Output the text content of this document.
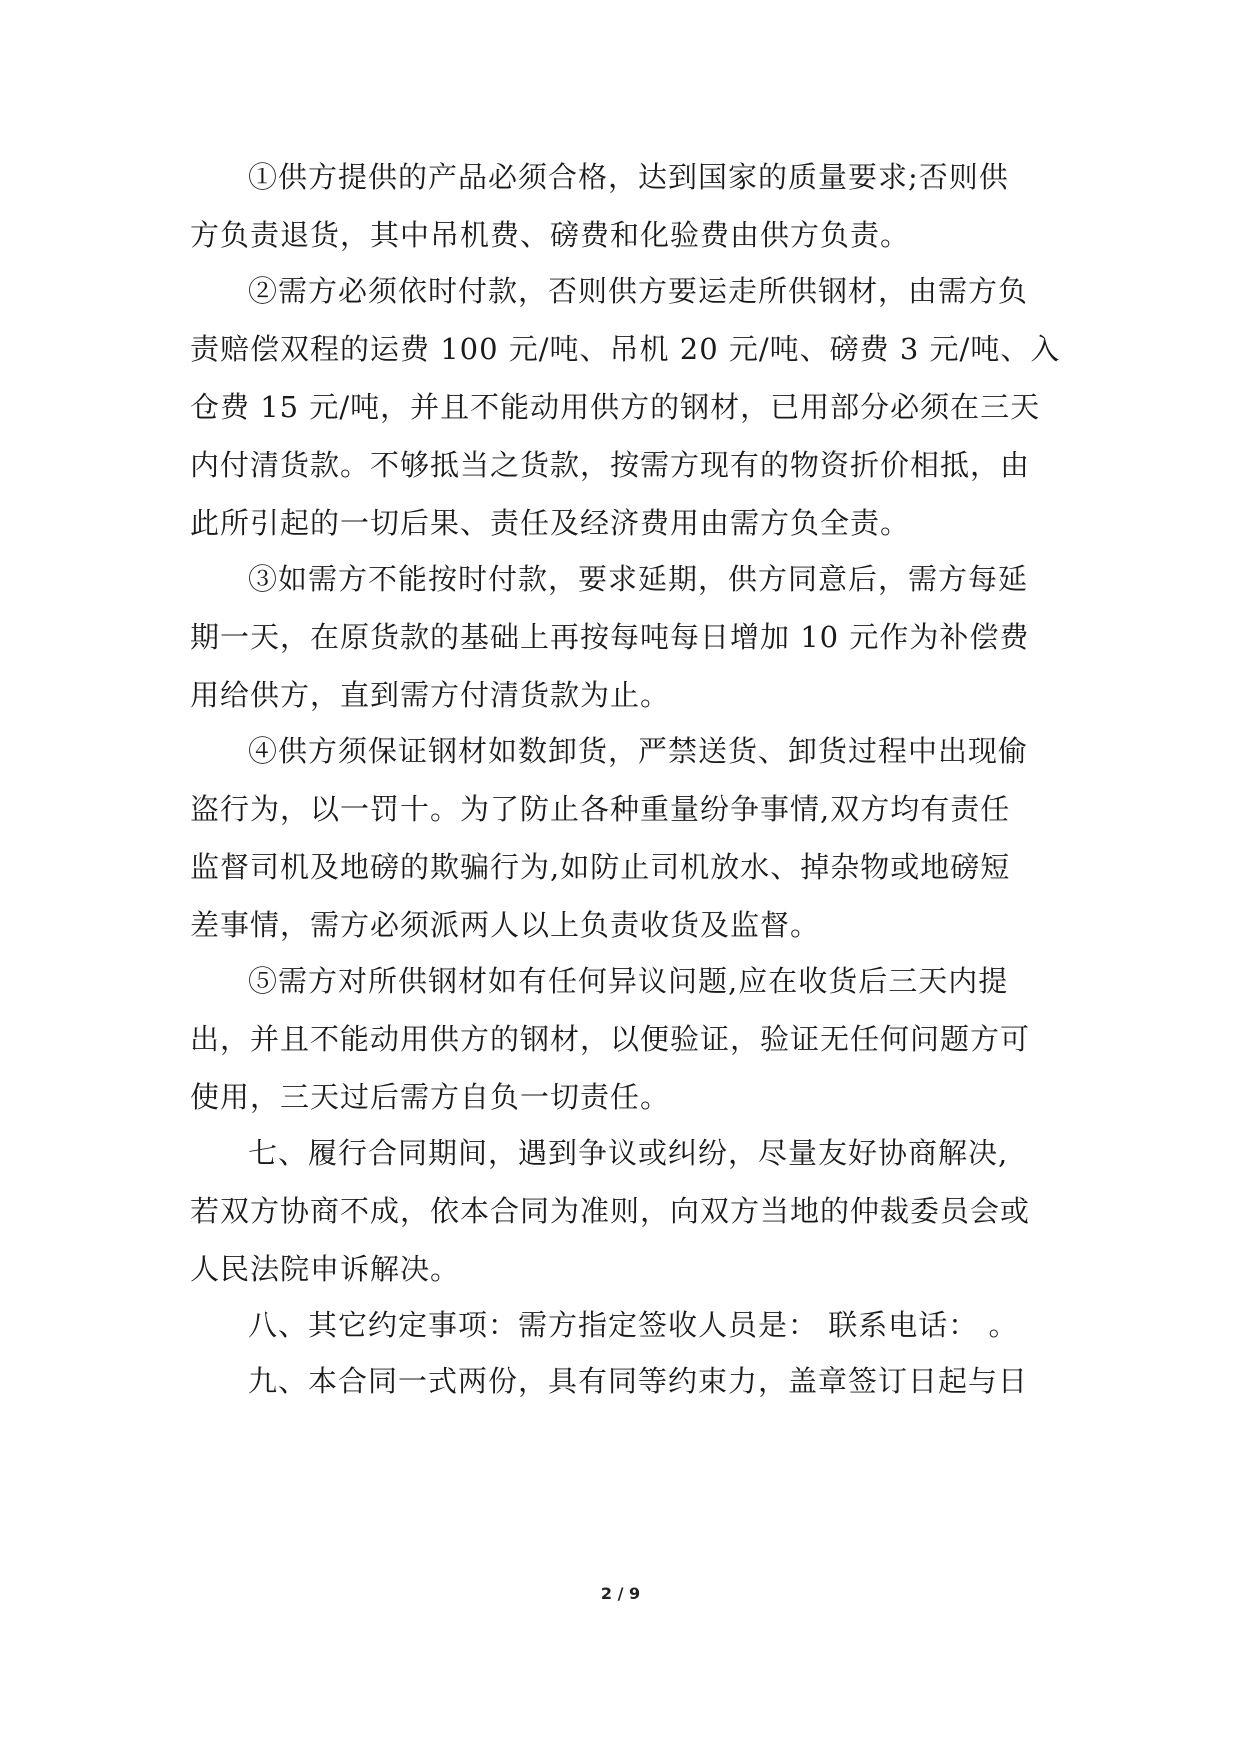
①供方提供的产品必须合格，达到国家的质量要求;否则供
方负责退货，其中吊机费、磅费和化验费由供方负责。
②需方必须依时付款，否则供方要运走所供钢材，由需方负
责赔偿双程的运费 100 元/吨、吊机 20 元/吨、磅费 3 元/吨、入
仓费 15 元/吨，并且不能动用供方的钢材，已用部分必须在三天
内付清货款。不够抵当之货款，按需方现有的物资折价相抵，由
此所引起的一切后果、责任及经济费用由需方负全责。
③如需方不能按时付款，要求延期，供方同意后，需方每延
期一天，在原货款的基础上再按每吨每日增加 10 元作为补偿费
用给供方，直到需方付清货款为止。
④供方须保证钢材如数卸货，严禁送货、卸货过程中出现偷
盗行为，以一罚十。为了防止各种重量纷争事情,双方均有责任
监督司机及地磅的欺骗行为,如防止司机放水、掉杂物或地磅短
差事情，需方必须派两人以上负责收货及监督。
⑤需方对所供钢材如有任何异议问题,应在收货后三天内提
出，并且不能动用供方的钢材，以便验证，验证无任何问题方可
使用，三天过后需方自负一切责任。
七、履行合同期间，遇到争议或纠纷，尽量友好协商解决,
若双方协商不成，依本合同为准则，向双方当地的仲裁委员会或
人民法院申诉解决。
八、其它约定事项：需方指定签收人员是： 联系电话： 。
九、本合同一式两份，具有同等约束力，盖章签订日起与日
2 / 9
